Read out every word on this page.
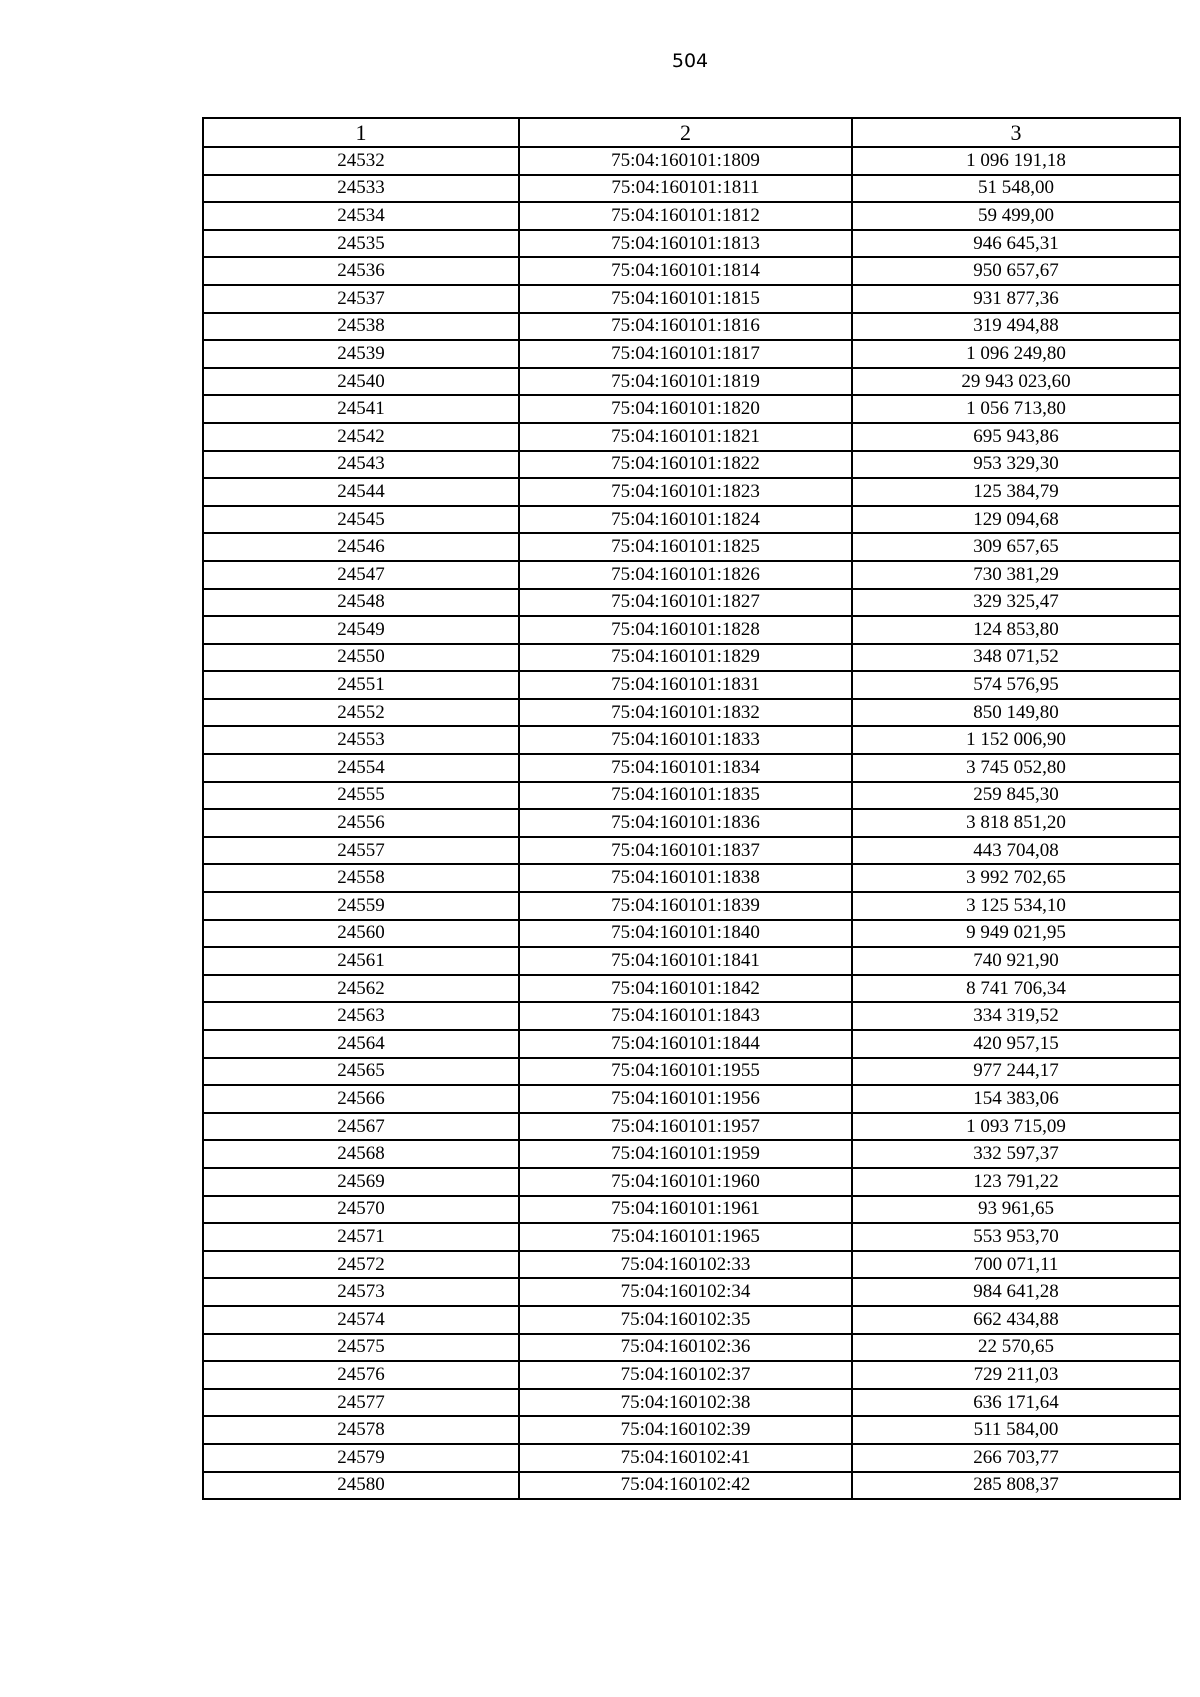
504
1	2	3
24532	75:04:160101:1809	1 096 191,18
24533	75:04:160101:1811	51 548,00
24534	75:04:160101:1812	59 499,00
24535	75:04:160101:1813	946 645,31
24536	75:04:160101:1814	950 657,67
24537	75:04:160101:1815	931 877,36
24538	75:04:160101:1816	319 494,88
24539	75:04:160101:1817	1 096 249,80
24540	75:04:160101:1819	29 943 023,60
24541	75:04:160101:1820	1 056 713,80
24542	75:04:160101:1821	695 943,86
24543	75:04:160101:1822	953 329,30
24544	75:04:160101:1823	125 384,79
24545	75:04:160101:1824	129 094,68
24546	75:04:160101:1825	309 657,65
24547	75:04:160101:1826	730 381,29
24548	75:04:160101:1827	329 325,47
24549	75:04:160101:1828	124 853,80
24550	75:04:160101:1829	348 071,52
24551	75:04:160101:1831	574 576,95
24552	75:04:160101:1832	850 149,80
24553	75:04:160101:1833	1 152 006,90
24554	75:04:160101:1834	3 745 052,80
24555	75:04:160101:1835	259 845,30
24556	75:04:160101:1836	3 818 851,20
24557	75:04:160101:1837	443 704,08
24558	75:04:160101:1838	3 992 702,65
24559	75:04:160101:1839	3 125 534,10
24560	75:04:160101:1840	9 949 021,95
24561	75:04:160101:1841	740 921,90
24562	75:04:160101:1842	8 741 706,34
24563	75:04:160101:1843	334 319,52
24564	75:04:160101:1844	420 957,15
24565	75:04:160101:1955	977 244,17
24566	75:04:160101:1956	154 383,06
24567	75:04:160101:1957	1 093 715,09
24568	75:04:160101:1959	332 597,37
24569	75:04:160101:1960	123 791,22
24570	75:04:160101:1961	93 961,65
24571	75:04:160101:1965	553 953,70
24572	75:04:160102:33	700 071,11
24573	75:04:160102:34	984 641,28
24574	75:04:160102:35	662 434,88
24575	75:04:160102:36	22 570,65
24576	75:04:160102:37	729 211,03
24577	75:04:160102:38	636 171,64
24578	75:04:160102:39	511 584,00
24579	75:04:160102:41	266 703,77
24580	75:04:160102:42	285 808,37
